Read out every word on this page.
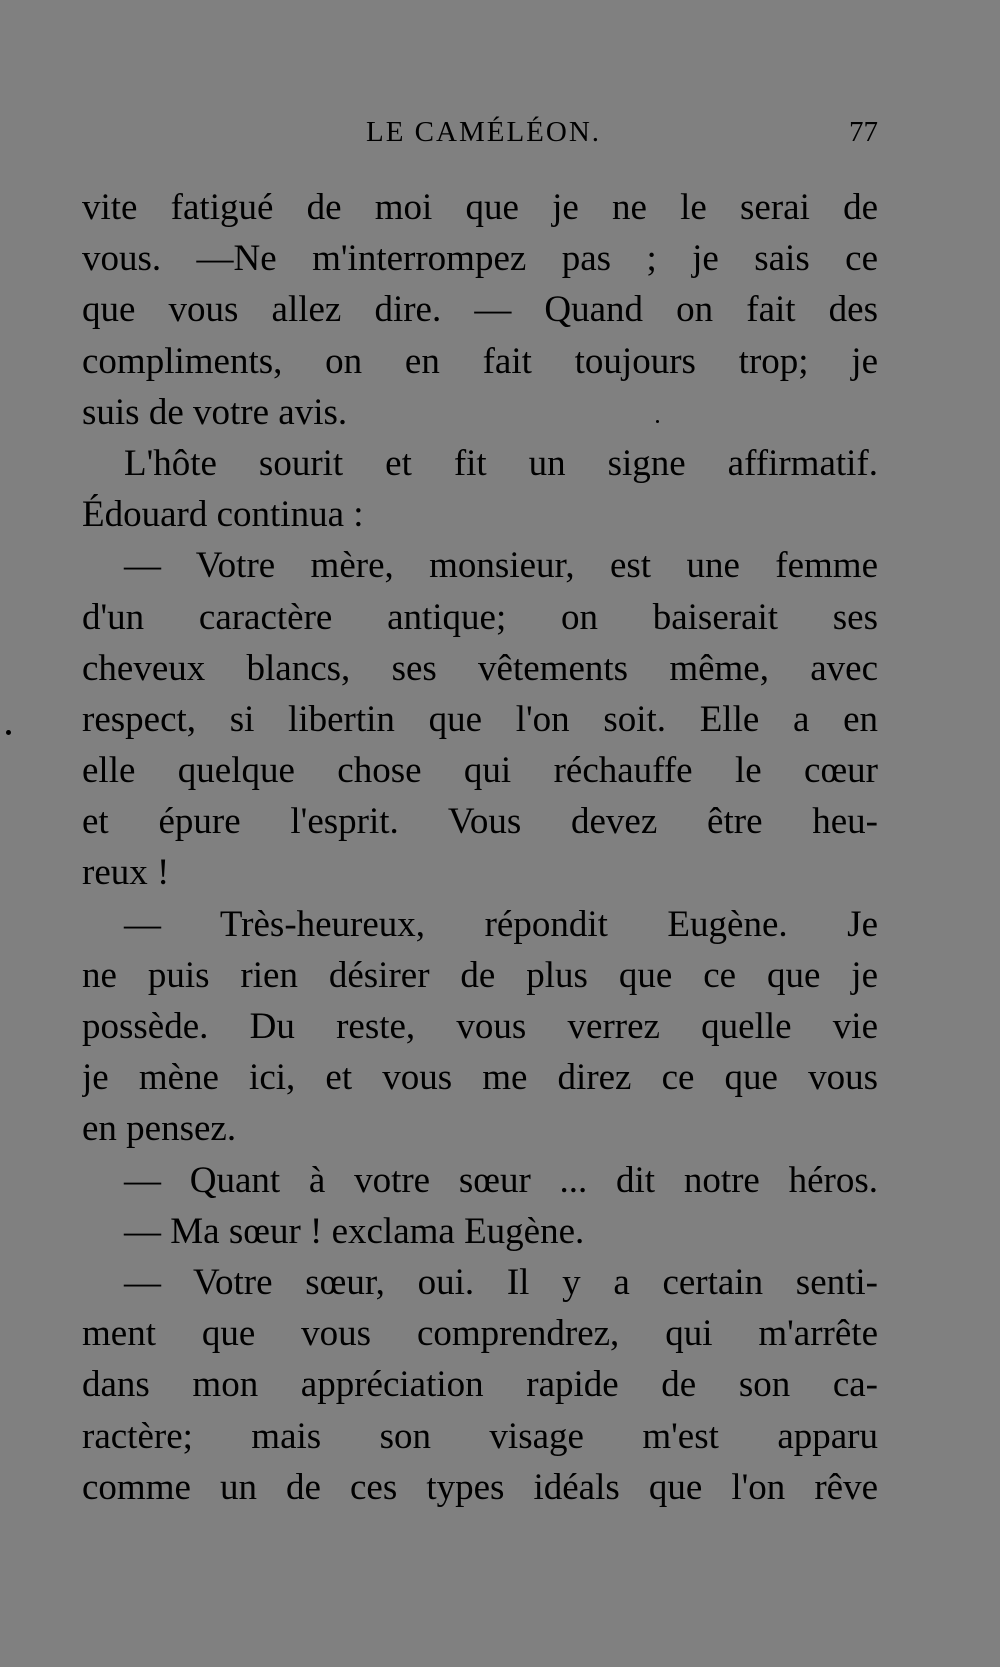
LE CAMÉLÉON.	77
vite fatigué de moi que je ne le serai de
vous. —Ne m'interrompez pas ; je sais ce
que vous allez dire. — Quand on fait des
compliments, on en fait toujours trop; je
suis de votre avis.
L'hôte sourit et fit un signe affirmatif.
Édouard continua :
— Votre mère, monsieur, est une femme
d'un caractère antique; on baiserait ses
cheveux blancs, ses vêtements même, avec
respect, si libertin que l'on soit. Elle a en
elle quelque chose qui réchauffe le cœur
et épure l'esprit. Vous devez être heu-
reux !
— Très-heureux, répondit Eugène. Je
ne puis rien désirer de plus que ce que je
possède. Du reste, vous verrez quelle vie
je mène ici, et vous me direz ce que vous
en pensez.
— Quant à votre sœur ... dit notre héros.
— Ma sœur ! exclama Eugène.
— Votre sœur, oui. Il y a certain senti-
ment que vous comprendrez, qui m'arrête
dans mon appréciation rapide de son ca-
ractère; mais son visage m'est apparu
comme un de ces types idéals que l'on rêve
